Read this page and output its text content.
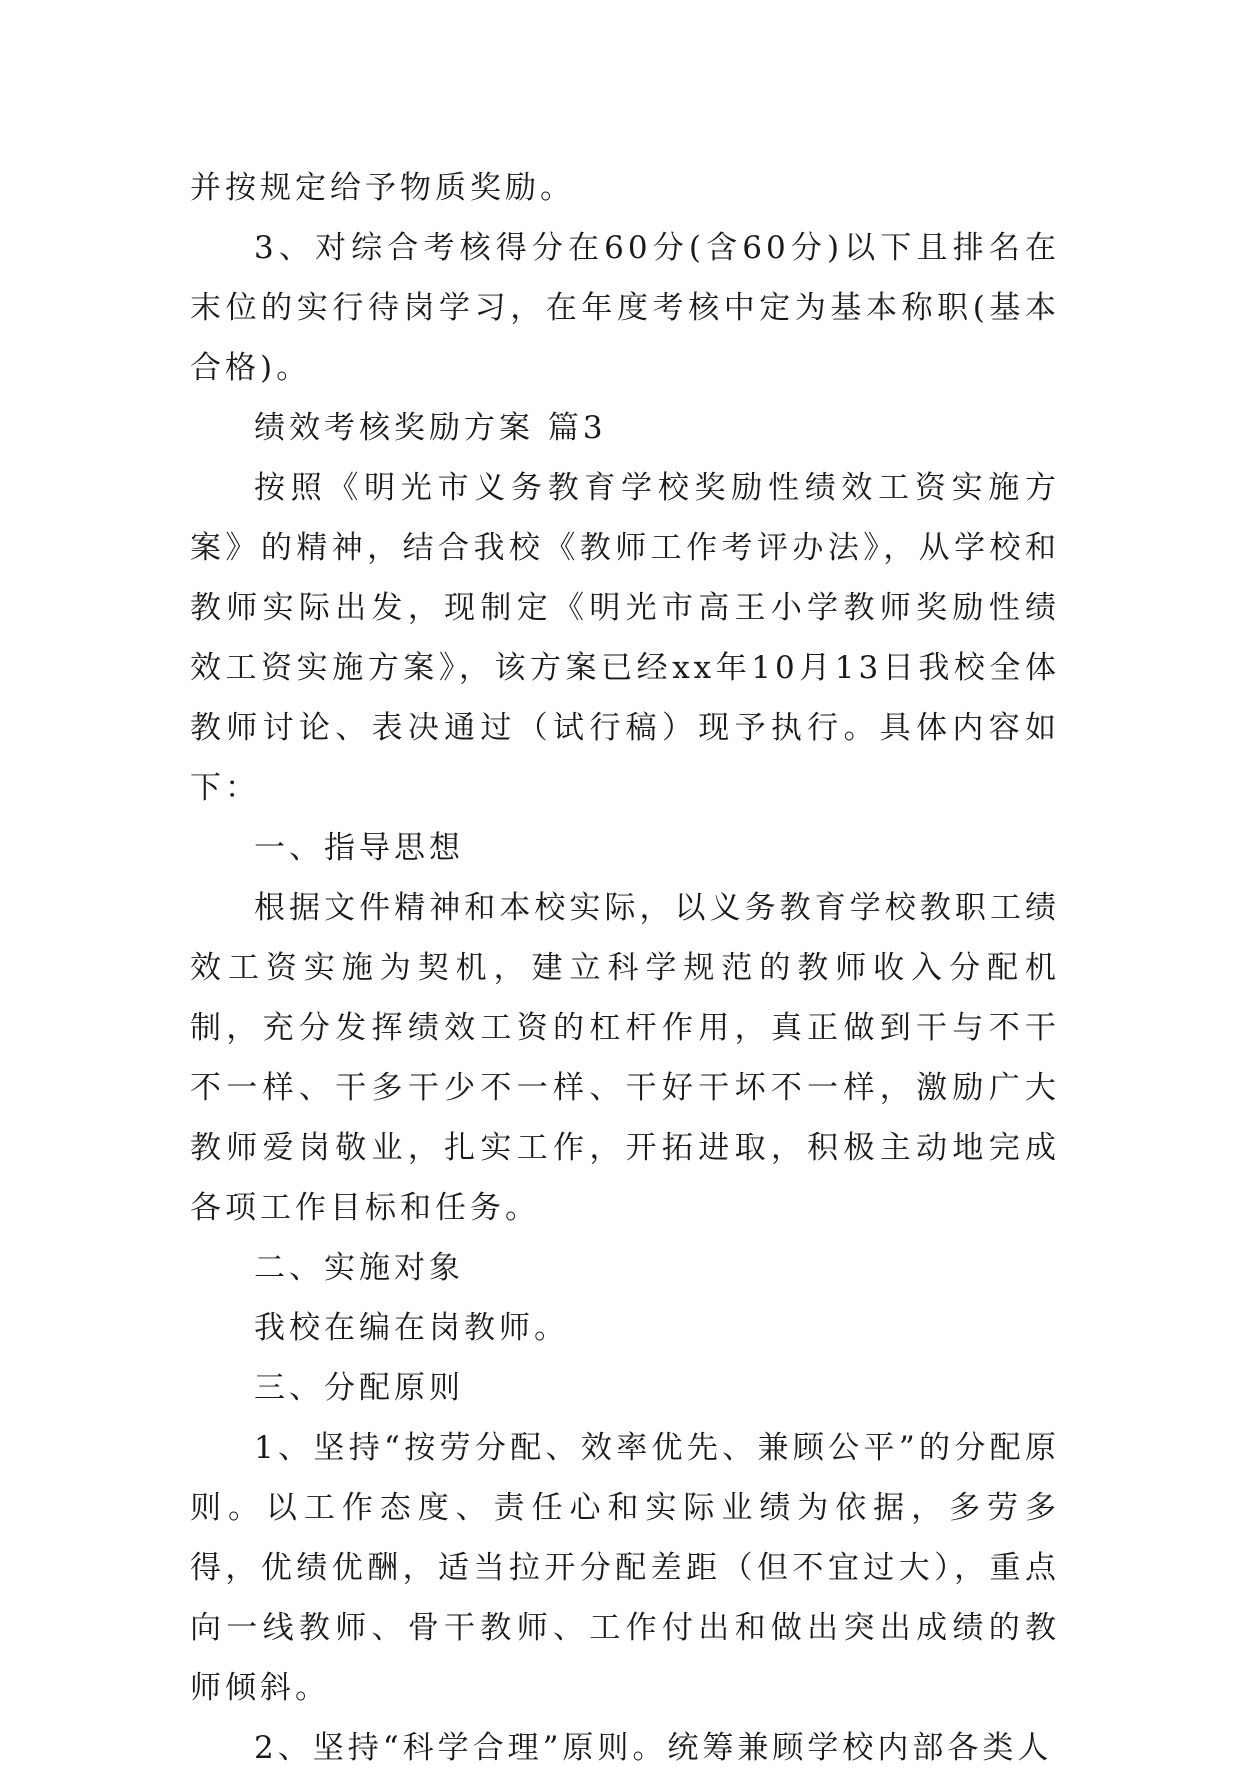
并按规定给予物质奖励。

3、对综合考核得分在60分(含60分)以下且排名在末位的实行待岗学习，在年度考核中定为基本称职(基本合格)。

绩效考核奖励方案 篇3

按照《明光市义务教育学校奖励性绩效工资实施方案》的精神，结合我校《教师工作考评办法》，从学校和教师实际出发，现制定《明光市高王小学教师奖励性绩效工资实施方案》，该方案已经xx年10月13日我校全体教师讨论、表决通过（试行稿）现予执行。具体内容如下：

一、指导思想

根据文件精神和本校实际，以义务教育学校教职工绩效工资实施为契机，建立科学规范的教师收入分配机制，充分发挥绩效工资的杠杆作用，真正做到干与不干不一样、干多干少不一样、干好干坏不一样，激励广大教师爱岗敬业，扎实工作，开拓进取，积极主动地完成各项工作目标和任务。

二、实施对象

我校在编在岗教师。

三、分配原则

1、坚持“按劳分配、效率优先、兼顾公平”的分配原则。以工作态度、责任心和实际业绩为依据，多劳多得，优绩优酬，适当拉开分配差距（但不宜过大），重点向一线教师、骨干教师、工作付出和做出突出成绩的教师倾斜。

2、坚持“科学合理”原则。统筹兼顾学校内部各类人
